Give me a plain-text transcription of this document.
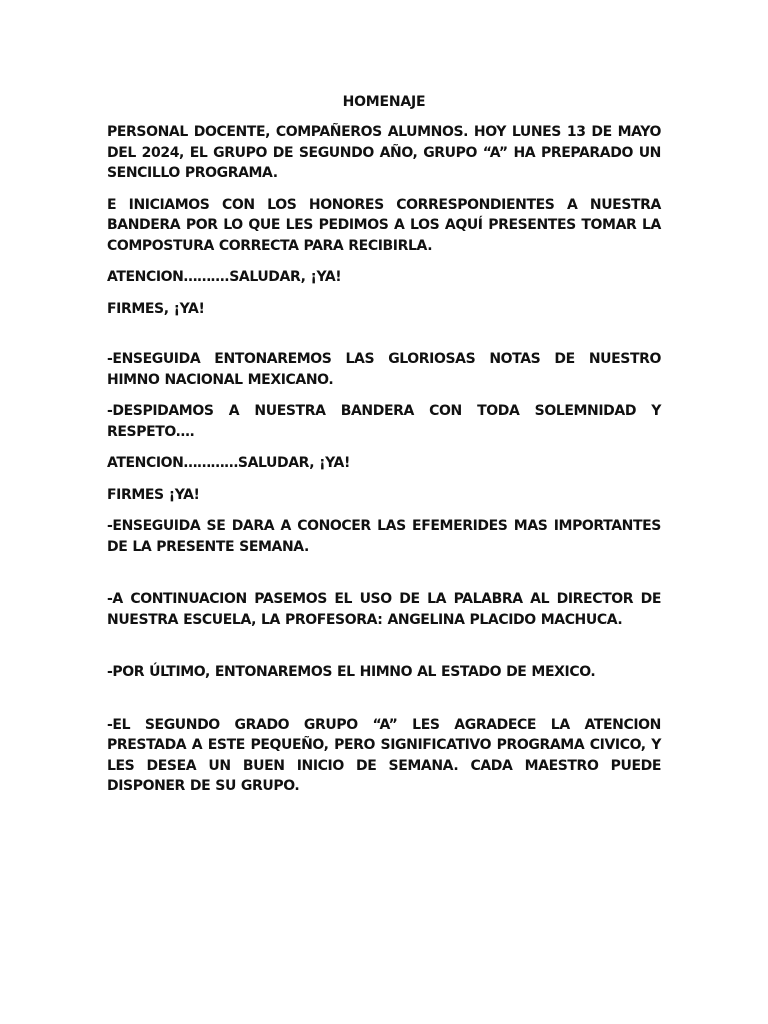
HOMENAJE

PERSONAL DOCENTE, COMPAÑEROS ALUMNOS. HOY LUNES 13 DE MAYO DEL 2024, EL GRUPO DE SEGUNDO AÑO, GRUPO “A” HA PREPARADO UN SENCILLO PROGRAMA.

E INICIAMOS CON LOS HONORES CORRESPONDIENTES A NUESTRA BANDERA POR LO QUE LES PEDIMOS A LOS AQUÍ PRESENTES TOMAR LA COMPOSTURA CORRECTA PARA RECIBIRLA.

ATENCION……….SALUDAR, ¡YA!

FIRMES, ¡YA!

-ENSEGUIDA ENTONAREMOS LAS GLORIOSAS NOTAS DE NUESTRO HIMNO NACIONAL MEXICANO.

-DESPIDAMOS A NUESTRA BANDERA CON TODA SOLEMNIDAD Y RESPETO….

ATENCION…………SALUDAR, ¡YA!

FIRMES ¡YA!

-ENSEGUIDA SE DARA A CONOCER LAS EFEMERIDES MAS IMPORTANTES DE LA PRESENTE SEMANA.

-A CONTINUACION PASEMOS EL USO DE LA PALABRA AL DIRECTOR DE NUESTRA ESCUELA, LA PROFESORA: ANGELINA PLACIDO MACHUCA.

-POR ÚLTIMO, ENTONAREMOS EL HIMNO AL ESTADO DE MEXICO.

-EL SEGUNDO GRADO GRUPO “A” LES AGRADECE LA ATENCION PRESTADA A ESTE PEQUEÑO, PERO SIGNIFICATIVO PROGRAMA CIVICO, Y LES DESEA UN BUEN INICIO DE SEMANA. CADA MAESTRO PUEDE DISPONER DE SU GRUPO.
